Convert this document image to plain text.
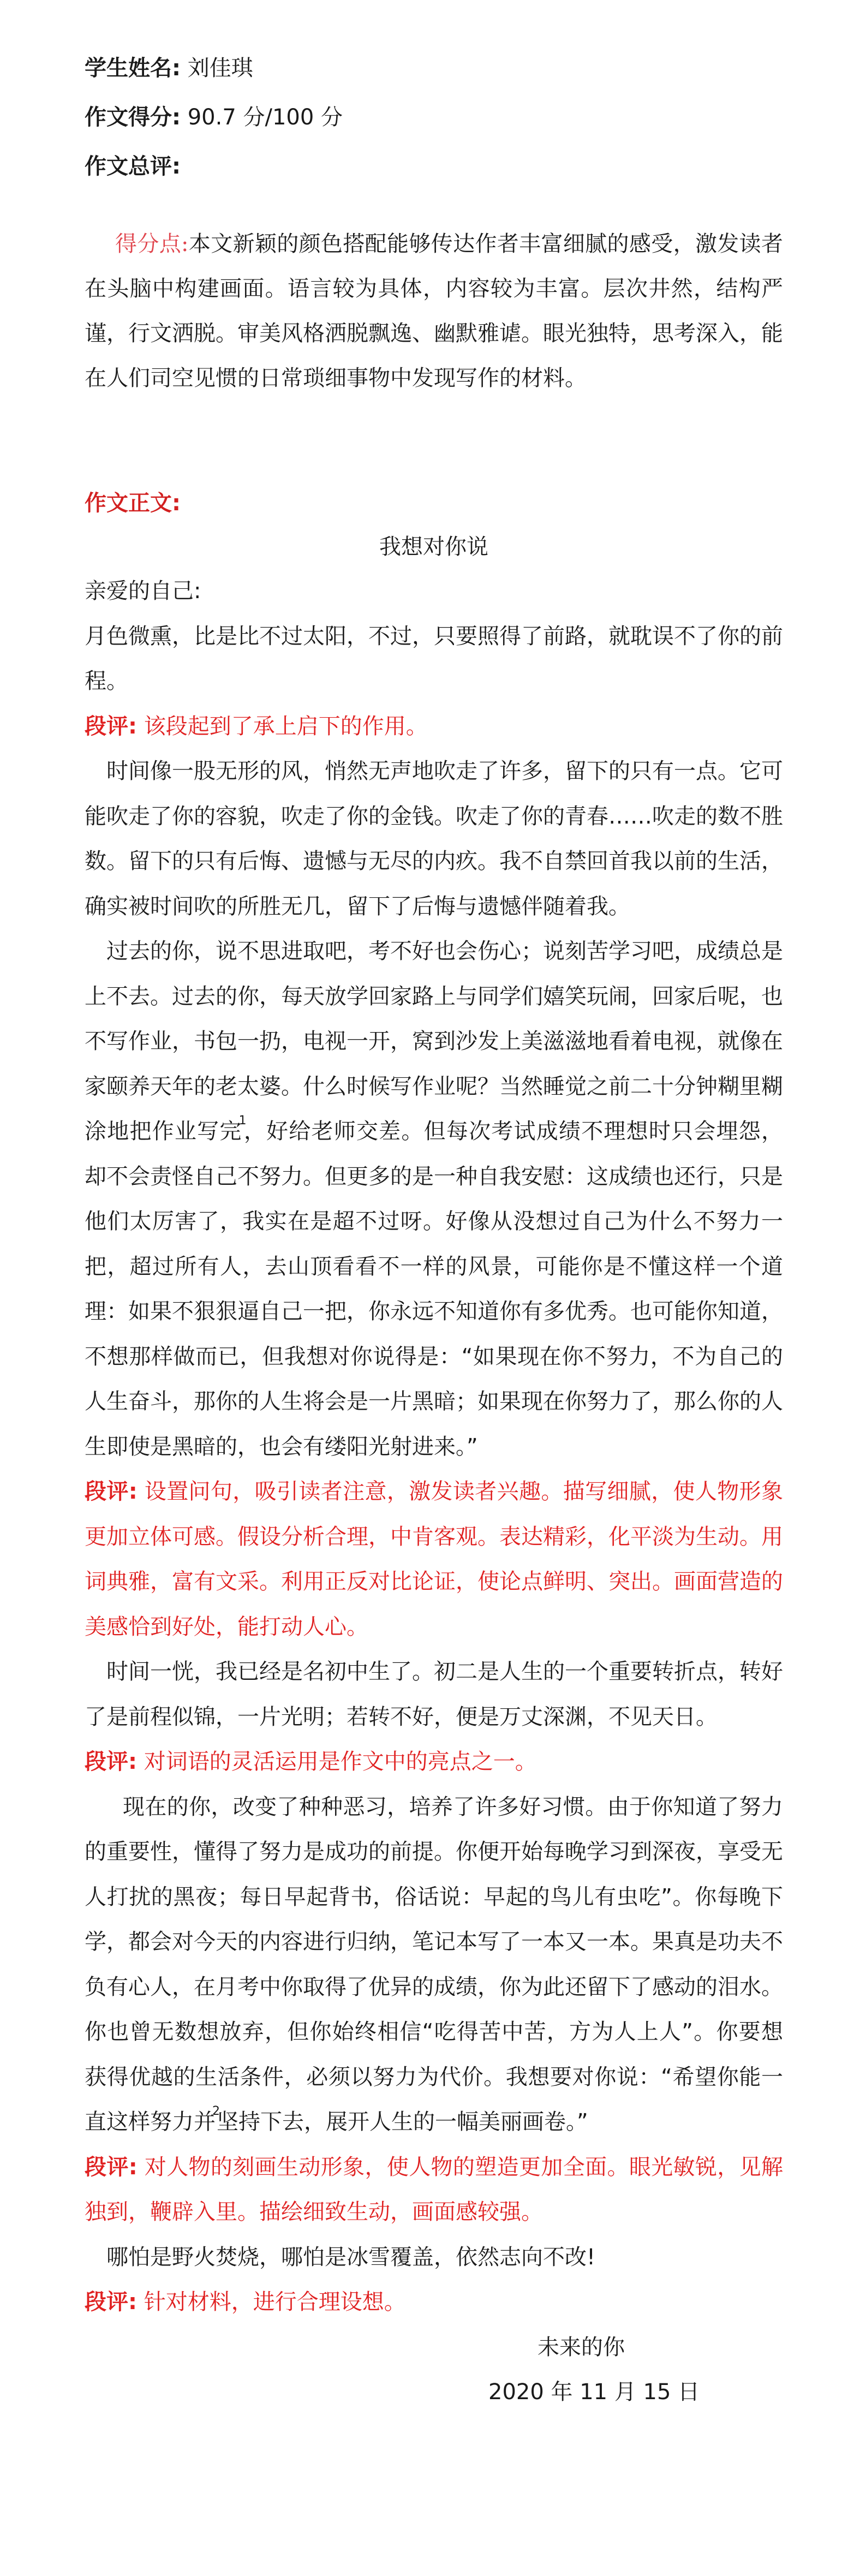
学生姓名: 刘佳琪
作文得分: 90.7 分/100 分
作文总评:

得分点:本文新颖的颜色搭配能够传达作者丰富细腻的感受，激发读者在头脑中构建画面。语言较为具体，内容较为丰富。层次井然，结构严谨，行文洒脱。审美风格洒脱飘逸、幽默雅谑。眼光独特，思考深入，能在人们司空见惯的日常琐细事物中发现写作的材料。

作文正文:
我想对你说

亲爱的自己:

月色微熏，比是比不过太阳，不过，只要照得了前路，就耽误不了你的前程。

段评: 该段起到了承上启下的作用。

时间像一股无形的风，悄然无声地吹走了许多，留下的只有一点。它可能吹走了你的容貌，吹走了你的金钱。吹走了你的青春……吹走的数不胜数。留下的只有后悔、遗憾与无尽的内疚。我不自禁回首我以前的生活，确实被时间吹的所胜无几，留下了后悔与遗憾伴随着我。

过去的你，说不思进取吧，考不好也会伤心；说刻苦学习吧，成绩总是上不去。过去的你，每天放学回家路上与同学们嬉笑玩闹，回家后呢，也不写作业，书包一扔，电视一开，窝到沙发上美滋滋地看着电视，就像在家颐养天年的老太婆。什么时候写作业呢？当然睡觉之前二十分钟糊里糊涂地把作业写完$^1$，好给老师交差。但每次考试成绩不理想时只会埋怨，却不会责怪自己不努力。但更多的是一种自我安慰：这成绩也还行，只是他们太厉害了，我实在是超不过呀。好像从没想过自己为什么不努力一把，超过所有人，去山顶看看不一样的风景，可能你是不懂这样一个道理：如果不狠狠逼自己一把，你永远不知道你有多优秀。也可能你知道，不想那样做而已，但我想对你说得是：“如果现在你不努力，不为自己的人生奋斗，那你的人生将会是一片黑暗；如果现在你努力了，那么你的人生即使是黑暗的，也会有缕阳光射进来。”

段评: 设置问句，吸引读者注意，激发读者兴趣。描写细腻，使人物形象更加立体可感。假设分析合理，中肯客观。表达精彩，化平淡为生动。用词典雅，富有文采。利用正反对比论证，使论点鲜明、突出。画面营造的美感恰到好处，能打动人心。

时间一恍，我已经是名初中生了。初二是人生的一个重要转折点，转好了是前程似锦，一片光明；若转不好，便是万丈深渊，不见天日。

段评: 对词语的灵活运用是作文中的亮点之一。

现在的你，改变了种种恶习，培养了许多好习惯。由于你知道了努力的重要性，懂得了努力是成功的前提。你便开始每晚学习到深夜，享受无人打扰的黑夜；每日早起背书，俗话说：早起的鸟儿有虫吃”。你每晚下学，都会对今天的内容进行归纳，笔记本写了一本又一本。果真是功夫不负有心人，在月考中你取得了优异的成绩，你为此还留下了感动的泪水。你也曾无数想放弃，但你始终相信“吃得苦中苦，方为人上人”。你要想获得优越的生活条件，必须以努力为代价。我想要对你说：“希望你能一直这样努力并$^2$坚持下去，展开人生的一幅美丽画卷。”

段评: 对人物的刻画生动形象，使人物的塑造更加全面。眼光敏锐，见解独到，鞭辟入里。描绘细致生动，画面感较强。

哪怕是野火焚烧，哪怕是冰雪覆盖，依然志向不改!

段评: 针对材料，进行合理设想。

未来的你
2020 年 11 月 15 日
